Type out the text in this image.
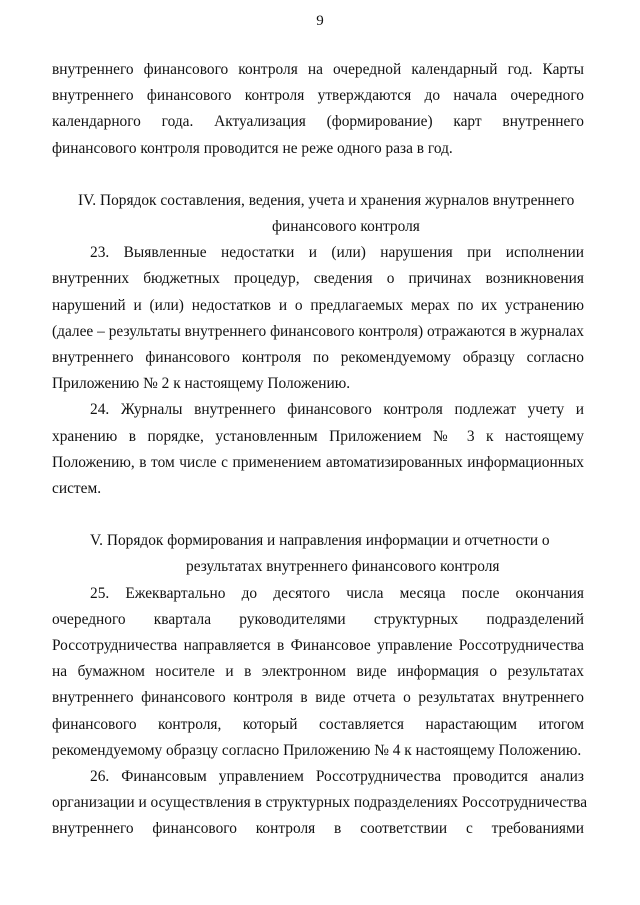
9
внутреннего финансового контроля на очередной календарный год. Карты
внутреннего финансового контроля утверждаются до начала очередного
календарного года. Актуализация (формирование) карт внутреннего
финансового контроля проводится не реже одного раза в год.
IV. Порядок составления, ведения, учета и хранения журналов внутреннего
финансового контроля
23. Выявленные недостатки и (или) нарушения при исполнении
внутренних бюджетных процедур, сведения о причинах возникновения
нарушений и (или) недостатков и о предлагаемых мерах по их устранению
(далее – результаты внутреннего финансового контроля) отражаются в журналах
внутреннего финансового контроля по рекомендуемому образцу согласно
Приложению № 2 к настоящему Положению.
24. Журналы внутреннего финансового контроля подлежат учету и
хранению в порядке, установленным Приложением № 3 к настоящему
Положению, в том числе с применением автоматизированных информационных
систем.
V. Порядок формирования и направления информации и отчетности о
результатах внутреннего финансового контроля
25. Ежеквартально до десятого числа месяца после окончания
очередного квартала руководителями структурных подразделений
Россотрудничества направляется в Финансовое управление Россотрудничества
на бумажном носителе и в электронном виде информация о результатах
внутреннего финансового контроля в виде отчета о результатах внутреннего
финансового контроля, который составляется нарастающим итогом
рекомендуемому образцу согласно Приложению № 4 к настоящему Положению.
26. Финансовым управлением Россотрудничества проводится анализ
организации и осуществления в структурных подразделениях Россотрудничества
внутреннего финансового контроля в соответствии с требованиями
